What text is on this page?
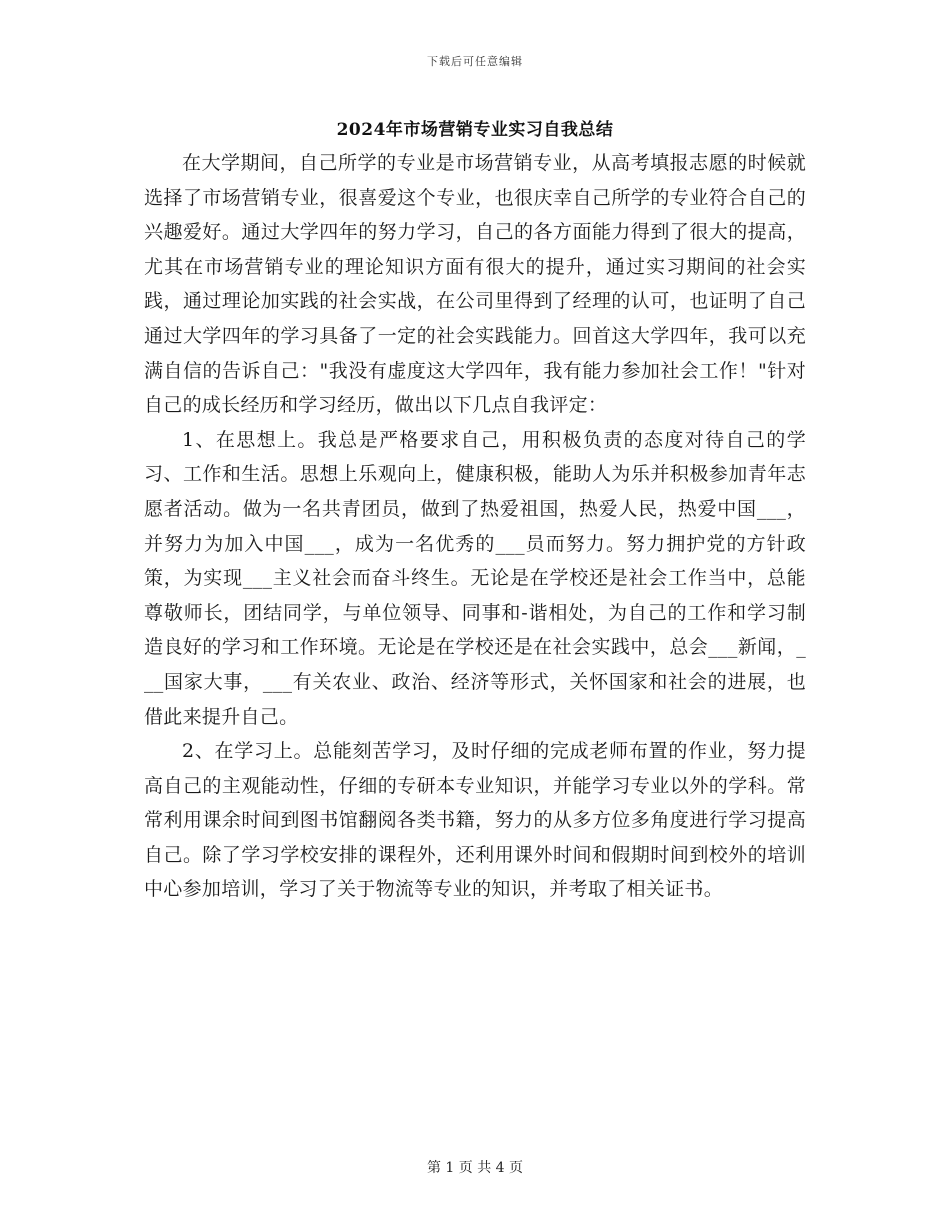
下载后可任意编辑
2024年市场营销专业实习自我总结

在大学期间，自己所学的专业是市场营销专业，从高考填报志愿的时候就选择了市场营销专业，很喜爱这个专业，也很庆幸自己所学的专业符合自己的兴趣爱好。通过大学四年的努力学习，自己的各方面能力得到了很大的提高，尤其在市场营销专业的理论知识方面有很大的提升，通过实习期间的社会实践，通过理论加实践的社会实战，在公司里得到了经理的认可，也证明了自己通过大学四年的学习具备了一定的社会实践能力。回首这大学四年，我可以充满自信的告诉自己："我没有虚度这大学四年，我有能力参加社会工作！"针对自己的成长经历和学习经历，做出以下几点自我评定：

1、在思想上。我总是严格要求自己，用积极负责的态度对待自己的学习、工作和生活。思想上乐观向上，健康积极，能助人为乐并积极参加青年志愿者活动。做为一名共青团员，做到了热爱祖国，热爱人民，热爱中国___，并努力为加入中国___，成为一名优秀的___员而努力。努力拥护党的方针政策，为实现___主义社会而奋斗终生。无论是在学校还是社会工作当中，总能尊敬师长，团结同学，与单位领导、同事和-谐相处，为自己的工作和学习制造良好的学习和工作环境。无论是在学校还是在社会实践中，总会___新闻，___国家大事，___有关农业、政治、经济等形式，关怀国家和社会的进展，也借此来提升自己。

2、在学习上。总能刻苦学习，及时仔细的完成老师布置的作业，努力提高自己的主观能动性，仔细的专研本专业知识，并能学习专业以外的学科。常常利用课余时间到图书馆翻阅各类书籍，努力的从多方位多角度进行学习提高自己。除了学习学校安排的课程外，还利用课外时间和假期时间到校外的培训中心参加培训，学习了关于物流等专业的知识，并考取了相关证书。

第 1 页 共 4 页
